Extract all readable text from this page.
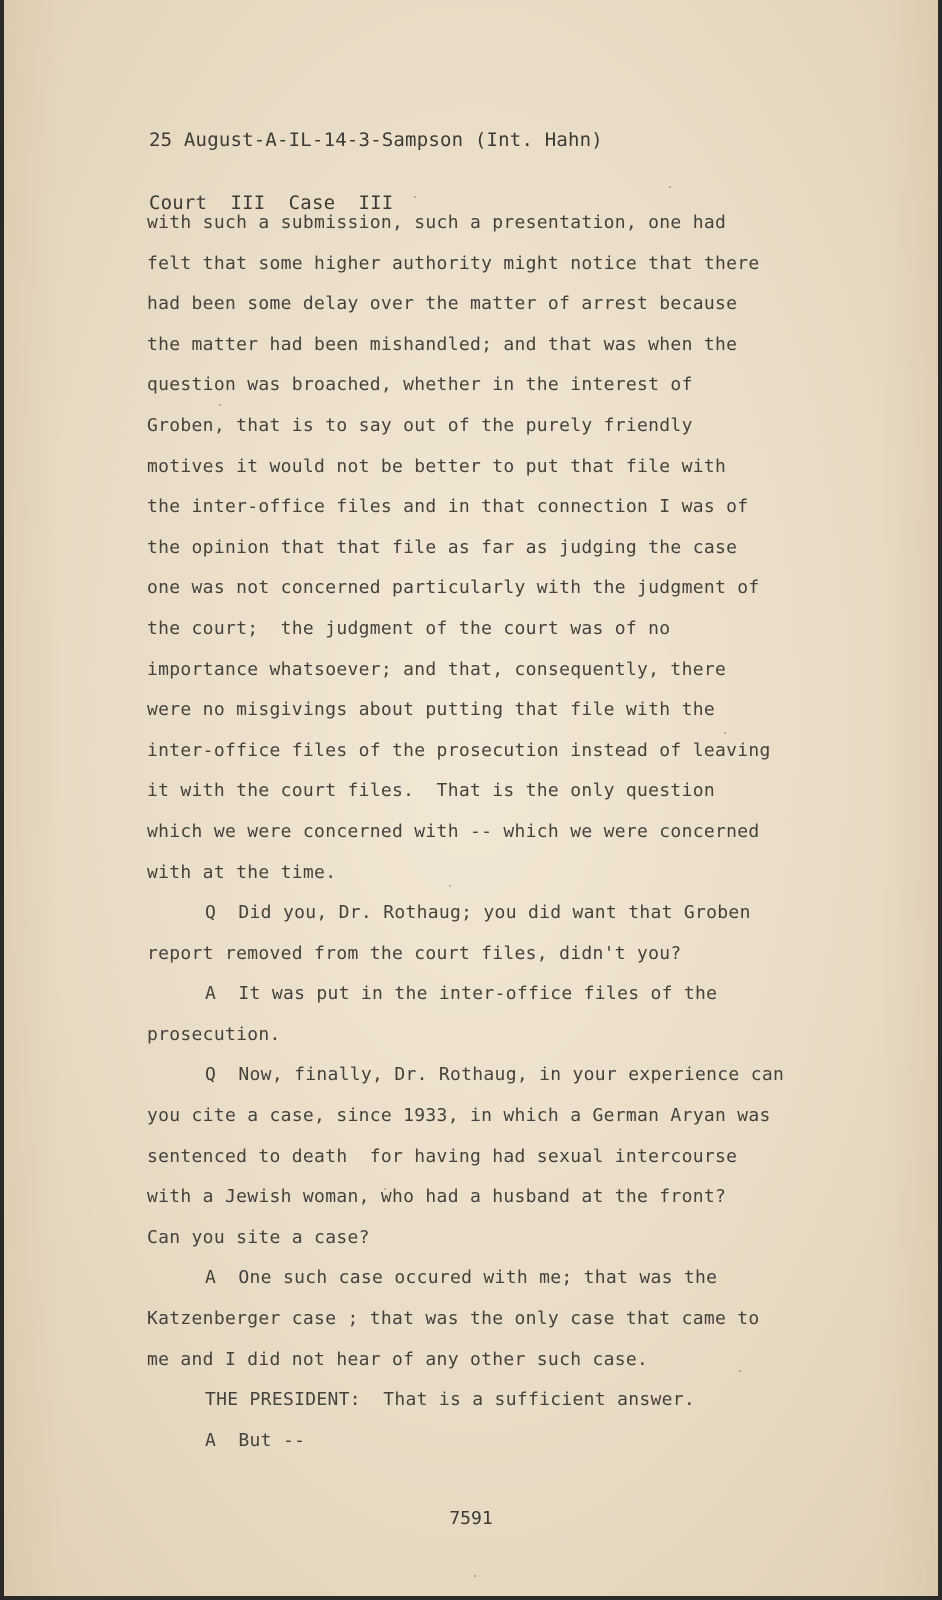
25 August-A-IL-14-3-Sampson (Int. Hahn)

Court  III  Case  III

with such a submission, such a presentation, one had
felt that some higher authority might notice that there
had been some delay over the matter of arrest because
the matter had been mishandled; and that was when the
question was broached, whether in the interest of
Groben, that is to say out of the purely friendly
motives it would not be better to put that file with
the inter-office files and in that connection I was of
the opinion that that file as far as judging the case
one was not concerned particularly with the judgment of
the court;  the judgment of the court was of no
importance whatsoever; and that, consequently, there
were no misgivings about putting that file with the
inter-office files of the prosecution instead of leaving
it with the court files.  That is the only question
which we were concerned with -- which we were concerned
with at the time.
Q  Did you, Dr. Rothaug; you did want that Groben
report removed from the court files, didn't you?
A  It was put in the inter-office files of the
prosecution.
Q  Now, finally, Dr. Rothaug, in your experience can
you cite a case, since 1933, in which a German Aryan was
sentenced to death  for having had sexual intercourse
with a Jewish woman, who had a husband at the front?
Can you site a case?
A  One such case occured with me; that was the
Katzenberger case ; that was the only case that came to
me and I did not hear of any other such case.
THE PRESIDENT:  That is a sufficient answer.
A  But --
7591
